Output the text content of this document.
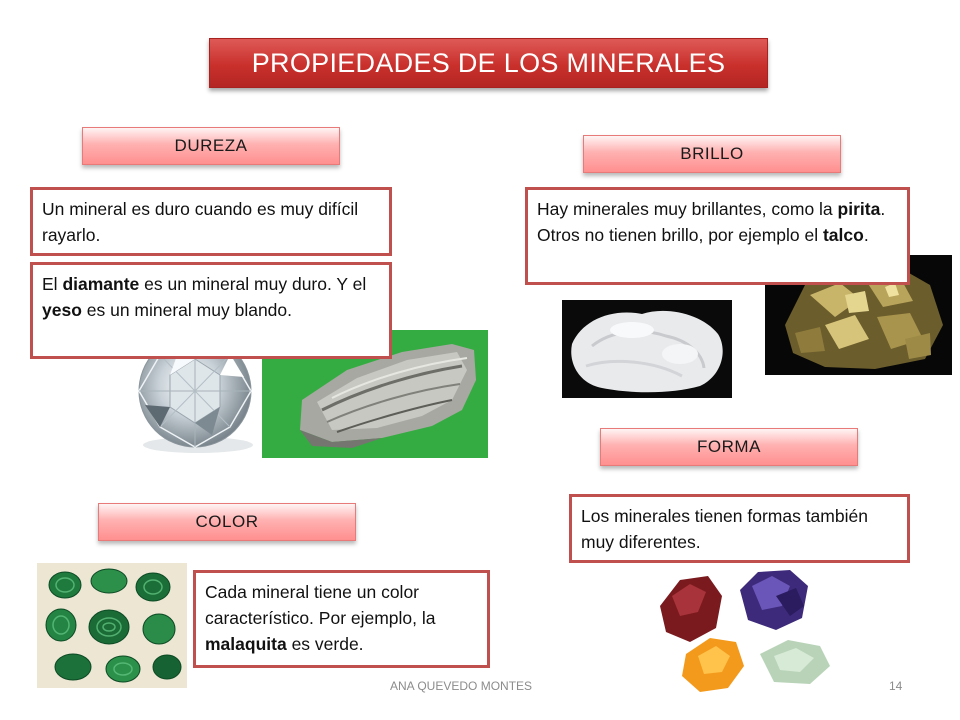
PROPIEDADES DE LOS MINERALES
DUREZA
Un mineral es duro cuando es muy difícil rayarlo.
El diamante es un mineral muy duro. Y el yeso es un mineral muy blando.
BRILLO
Hay minerales muy brillantes, como la pirita. Otros no tienen brillo, por ejemplo el talco.
FORMA
Los minerales tienen formas también muy diferentes.
COLOR
Cada mineral tiene un color característico. Por ejemplo, la malaquita es verde.
ANA QUEVEDO MONTES	14
